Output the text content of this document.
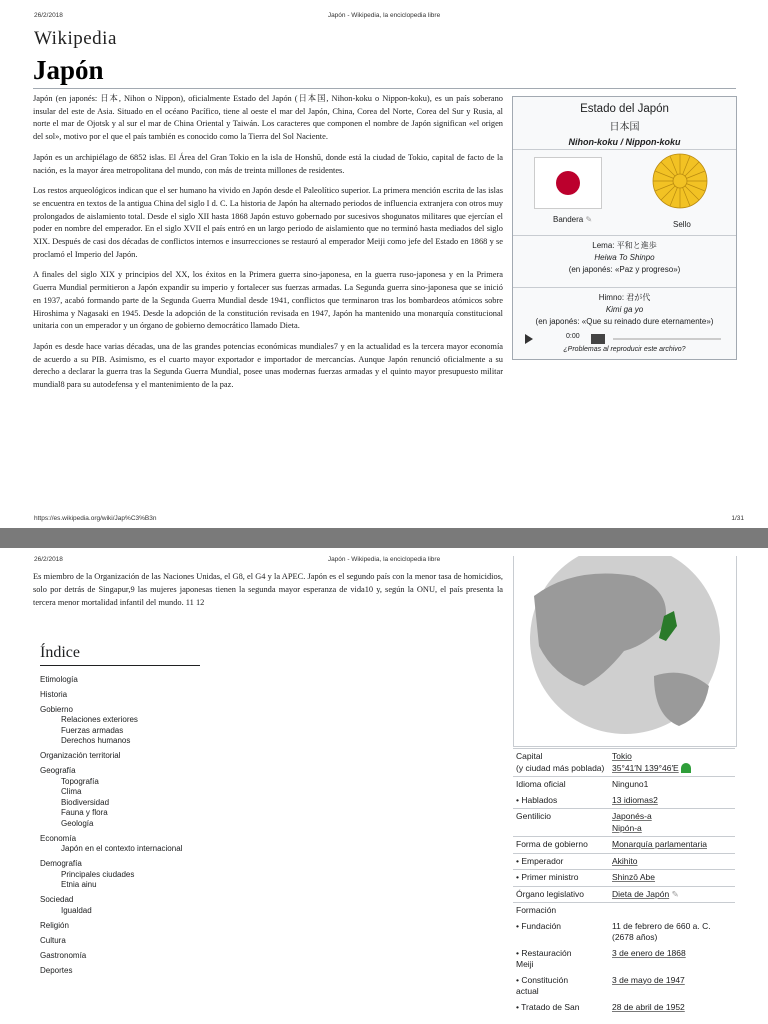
26/2/2018	Japón - Wikipedia, la enciclopedia libre
Wikipedia
Japón

Japón (en japonés: 日本, Nihon o Nippon), oficialmente Estado del Japón (日本国, Nihon-koku o Nippon-koku), es un país soberano insular del este de Asia. Situado en el océano Pacífico, tiene al oeste el mar del Japón, China, Corea del Norte, Corea del Sur y Rusia, al norte el mar de Ojotsk y al sur el mar de China Oriental y Taiwán. Los caracteres que componen el nombre de Japón significan «el origen del sol», motivo por el que el país también es conocido como la Tierra del Sol Naciente.

Japón es un archipiélago de 6852 islas. El Área del Gran Tokio en la isla de Honshū, donde está la ciudad de Tokio, capital de facto de la nación, es la mayor área metropolitana del mundo, con más de treinta millones de residentes.

Los restos arqueológicos indican que el ser humano ha vivido en Japón desde el Paleolítico superior. La primera mención escrita de las islas se encuentra en textos de la antigua China del siglo I d. C. La historia de Japón ha alternado periodos de influencia extranjera con otros muy prolongados de aislamiento total. Desde el siglo XII hasta 1868 Japón estuvo gobernado por sucesivos shogunatos militares que ejercían el poder en nombre del emperador. En el siglo XVII el país entró en un largo periodo de aislamiento que no terminó hasta mediados del siglo XIX. Después de casi dos décadas de conflictos internos e insurrecciones se restauró al emperador Meiji como jefe del Estado en 1868 y se proclamó el Imperio del Japón.

A finales del siglo XIX y principios del XX, los éxitos en la Primera guerra sino-japonesa, en la guerra ruso-japonesa y en la Primera Guerra Mundial permitieron a Japón expandir su imperio y fortalecer sus fuerzas armadas. La Segunda guerra sino-japonesa que se inició en 1937, acabó formando parte de la Segunda Guerra Mundial desde 1941, conflictos que terminaron tras los bombardeos atómicos sobre Hiroshima y Nagasaki en 1945. Desde la adopción de la constitución revisada en 1947, Japón ha mantenido una monarquía constitucional unitaria con un emperador y un órgano de gobierno democrático llamado Dieta.

Japón es desde hace varias décadas, una de las grandes potencias económicas mundiales7 y en la actualidad es la tercera mayor economía de acuerdo a su PIB. Asimismo, es el cuarto mayor exportador e importador de mercancías. Aunque Japón renunció oficialmente a su derecho a declarar la guerra tras la Segunda Guerra Mundial, posee unas modernas fuerzas armadas y el quinto mayor presupuesto militar mundial8 para su autodefensa y el mantenimiento de la paz.

Estado del Japón
日本国
Nihon-koku / Nippon-koku
Bandera ✎
Sello
Lema: 平和と進歩
Heiwa To Shinpo
(en japonés: «Paz y progreso»)
Himno: 君が代
Kimi ga yo
(en japonés: «Que su reinado dure eternamente»)
0:00
¿Problemas al reproducir este archivo?
https://es.wikipedia.org/wiki/Jap%C3%B3n	1/31
26/2/2018	Japón - Wikipedia, la enciclopedia libre

Es miembro de la Organización de las Naciones Unidas, el G8, el G4 y la APEC. Japón es el segundo país con la menor tasa de homicidios, solo por detrás de Singapur,9 las mujeres japonesas tienen la segunda mayor esperanza de vida10 y, según la ONU, el país presenta la tercera menor mortalidad infantil del mundo. 11 12

Índice
Etimología
Historia
Gobierno
Relaciones exteriores
Fuerzas armadas
Derechos humanos
Organización territorial
Geografía
Topografía
Clima
Biodiversidad
Fauna y flora
Geología
Economía
Japón en el contexto internacional
Demografía
Principales ciudades
Etnia ainu
Sociedad
Igualdad
Religión
Cultura
Gastronomía
Deportes
Capital
(y ciudad más poblada)	Tokio
35°41′N 139°46′E
Idioma oficial	Ninguno1
• Hablados	13 idiomas2
Gentilicio	Japonés-a
Nipón-a
Forma de gobierno	Monarquía parlamentaria
• Emperador	Akihito
• Primer ministro	Shinzō Abe
Órgano legislativo	Dieta de Japón ✎
Formación	
• Fundación	11 de febrero de 660 a. C.
(2678 años)
• Restauración
Meiji	3 de enero de 1868
• Constitución
actual	3 de mayo de 1947
• Tratado de San	28 de abril de 1952
